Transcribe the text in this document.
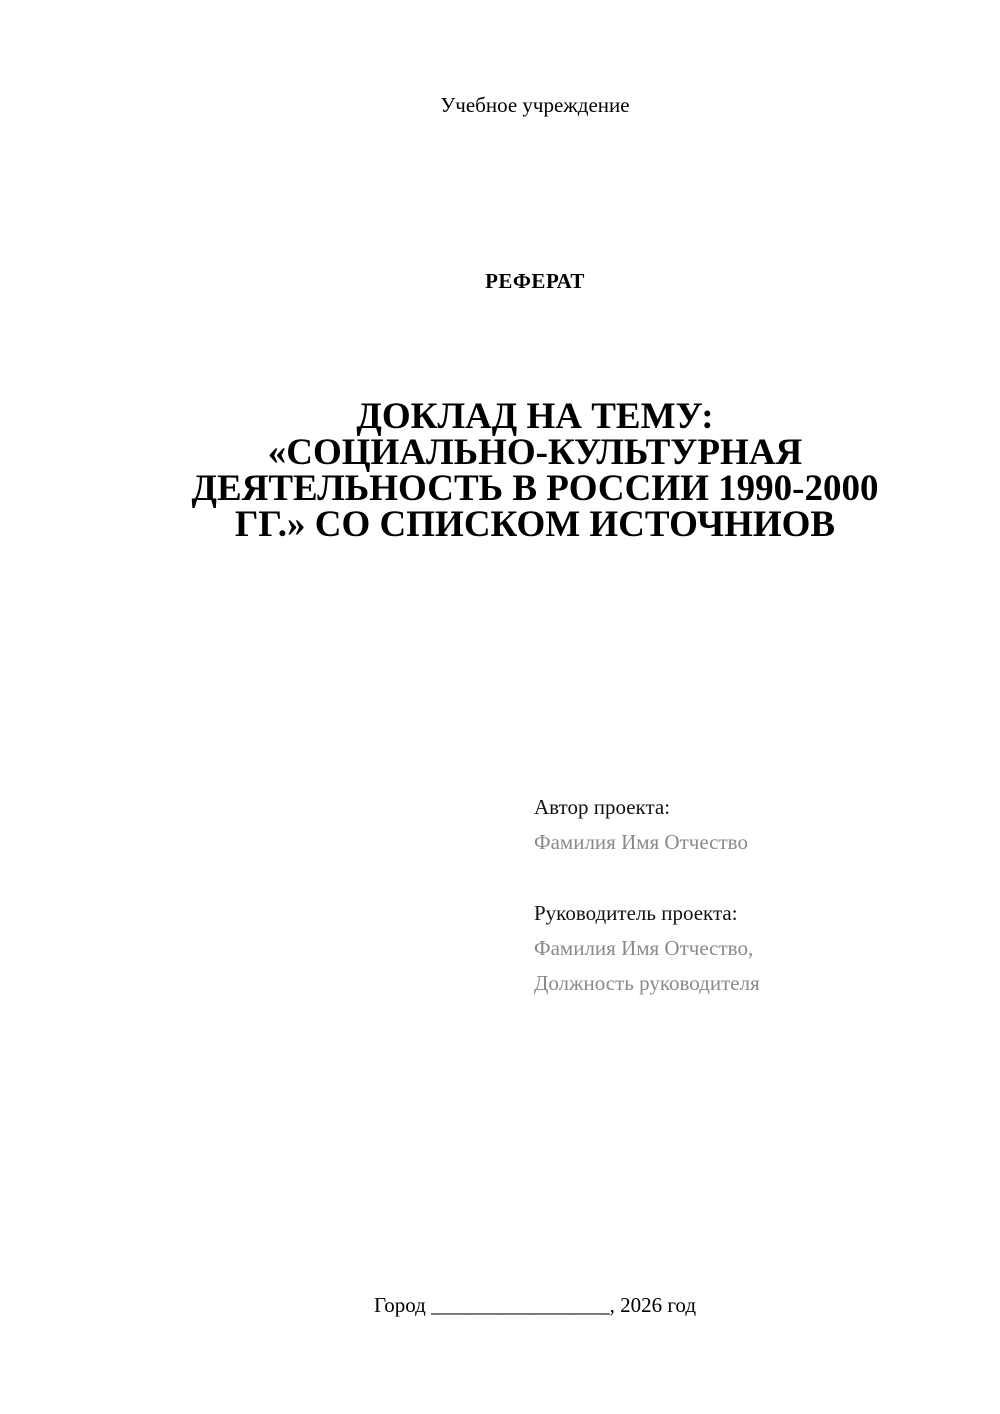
Учебное учреждение
РЕФЕРАТ
ДОКЛАД НА ТЕМУ:
«СОЦИАЛЬНО-КУЛЬТУРНАЯ
ДЕЯТЕЛЬНОСТЬ В РОССИИ 1990-2000
ГГ.» СО СПИСКОМ ИСТОЧНИОВ
Автор проекта:
Фамилия Имя Отчество
Руководитель проекта:
Фамилия Имя Отчество,
Должность руководителя
Город _________________, 2026 год
